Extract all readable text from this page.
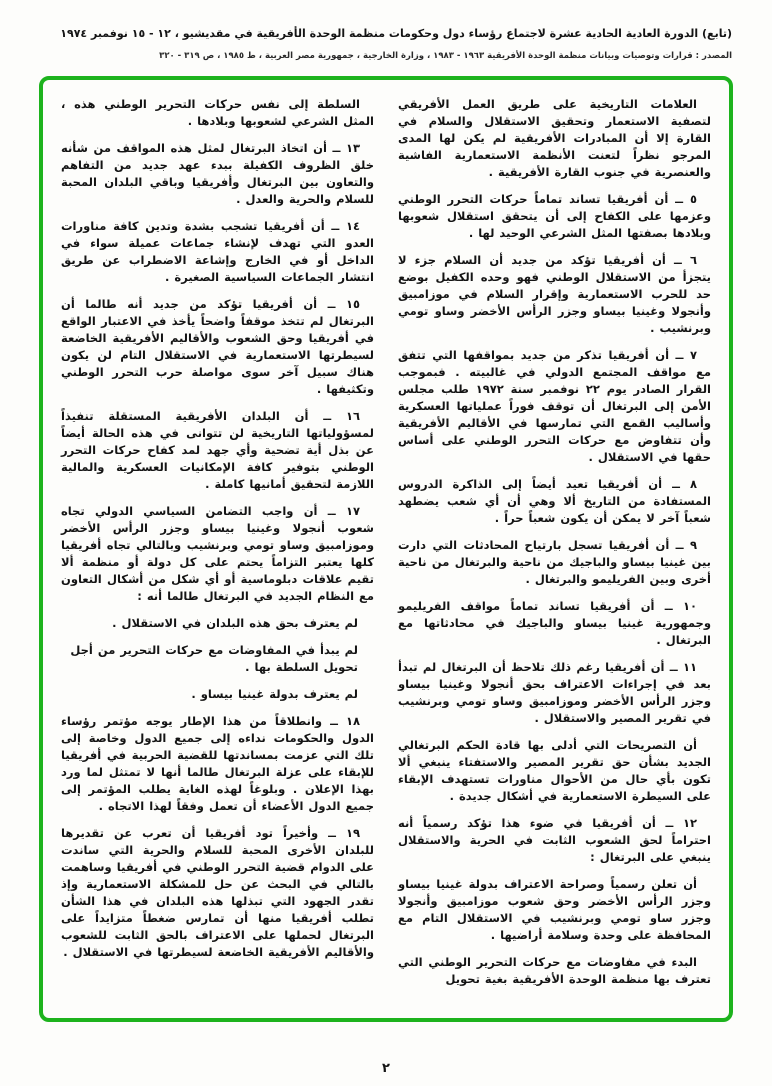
(تابع) الدورة العادية الحادية عشرة لاجتماع رؤساء دول وحكومات منظمة الوحدة الأفريقية في مقديشيو ، ١٢ - ١٥ نوفمبر ١٩٧٤
المصدر : قرارات وتوصيات وبيانات منظمة الوحدة الأفريقية ١٩٦٣ - ١٩٨٣ ، وزارة الخارجية ، جمهورية مصر العربية ، ط ١٩٨٥ ، ص ٣١٩ - ٣٢٠

العلامات التاريخية على طريق العمل الأفريقي لتصفية الاستعمار وتحقيق الاستقلال والسلام في القارة إلا أن المبادرات الأفريقية لم يكن لها المدى المرجو نظراً لتعنت الأنظمة الاستعمارية الفاشية والعنصرية في جنوب القارة الأفريقية .

٥ ــ أن أفريقيا تساند تماماً حركات التحرر الوطني وعزمها على الكفاح إلى أن يتحقق استقلال شعوبها وبلادها بصفتها المثل الشرعي الوحيد لها .

٦ ــ أن أفريقيا تؤكد من جديد أن السلام جزء لا يتجزأ من الاستقلال الوطني فهو وحده الكفيل بوضع حد للحرب الاستعمارية وإقرار السلام في موزامبيق وأنجولا وغينيا بيساو وجزر الرأس الأخضر وساو تومي وبرنشيب .

٧ ــ أن أفريقيا تذكر من جديد بمواقفها التي تتفق مع مواقف المجتمع الدولي في غالبيته . فبموجب القرار الصادر يوم ٢٢ نوفمبر سنة ١٩٧٢ طلب مجلس الأمن إلى البرتغال أن توقف فوراً عملياتها العسكرية وأساليب القمع التي تمارسها في الأقاليم الأفريقية وأن تتفاوض مع حركات التحرر الوطني على أساس حقها في الاستقلال .

٨ ــ أن أفريقيا تعيد أيضاً إلى الذاكرة الدروس المستفادة من التاريخ ألا وهي أن أي شعب يضطهد شعباً آخر لا يمكن أن يكون شعباً حراً .

٩ ــ أن أفريقيا تسجل بارتياح المحادثات التي دارت بين غينيا بيساو والباجيك من ناحية والبرتغال من ناحية أخرى وبين الفريليمو والبرتغال .

١٠ ــ أن أفريقيا تساند تماماً مواقف الفريليمو وجمهورية غينيا بيساو والباجيك في محادثاتها مع البرتغال .

١١ ــ أن أفريقيا رغم ذلك تلاحظ أن البرتغال لم تبدأ بعد في إجراءات الاعتراف بحق أنجولا وغينيا بيساو وجزر الرأس الأخضر وموزامبيق وساو تومي وبرنشيب في تقرير المصير والاستقلال .

أن التصريحات التي أدلى بها قادة الحكم البرتغالي الجديد بشأن حق تقرير المصير والاستفتاء ينبغي ألا تكون بأي حال من الأحوال مناورات تستهدف الإبقاء على السيطرة الاستعمارية في أشكال جديدة .

١٢ ــ أن أفريقيا في ضوء هذا تؤكد رسمياً أنه احتراماً لحق الشعوب الثابت في الحرية والاستقلال ينبغي على البرتغال :

أن تعلن رسمياً وصراحة الاعتراف بدولة غينيا بيساو وجزر الرأس الأخضر وحق شعوب موزامبيق وأنجولا وجزر ساو تومي وبرنشيب في الاستقلال التام مع المحافظة على وحدة وسلامة أراضيها .

البدء في مفاوضات مع حركات التحرير الوطني التي تعترف بها منظمة الوحدة الأفريقية بغية تحويل

السلطة إلى نفس حركات التحرير الوطني هذه ، المثل الشرعي لشعوبها وبلادها .

١٣ ــ أن اتخاذ البرتغال لمثل هذه المواقف من شأنه خلق الظروف الكفيلة ببدء عهد جديد من التفاهم والتعاون بين البرتغال وأفريقيا وباقي البلدان المحبة للسلام والحرية والعدل .

١٤ ــ أن أفريقيا تشجب بشدة وتدين كافة مناورات العدو التي تهدف لإنشاء جماعات عميلة سواء في الداخل أو في الخارج وإشاعة الاضطراب عن طريق انتشار الجماعات السياسية الصغيرة .

١٥ ــ أن أفريقيا تؤكد من جديد أنه طالما أن البرتغال لم تتخذ موقفاً واضحاً يأخذ في الاعتبار الواقع في أفريقيا وحق الشعوب والأقاليم الأفريقية الخاضعة لسيطرتها الاستعمارية في الاستقلال التام لن يكون هناك سبيل آخر سوى مواصلة حرب التحرر الوطني وتكثيفها .

١٦ ــ أن البلدان الأفريقية المستقلة تنفيذاً لمسؤولياتها التاريخية لن تتوانى في هذه الحالة أيضاً عن بذل أية تضحية وأي جهد لمد كفاح حركات التحرر الوطني بتوفير كافة الإمكانيات العسكرية والمالية اللازمة لتحقيق أمانيها كاملة .

١٧ ــ أن واجب التضامن السياسي الدولي تجاه شعوب أنجولا وغينيا بيساو وجزر الرأس الأخضر وموزامبيق وساو تومي وبرنشيب وبالتالي تجاه أفريقيا كلها يعتبر التزاماً يحتم على كل دولة أو منظمة ألا تقيم علاقات دبلوماسية أو أي شكل من أشكال التعاون مع النظام الجديد في البرتغال طالما أنه :

لم يعترف بحق هذه البلدان في الاستقلال .

لم يبدأ في المفاوضات مع حركات التحرير من أجل تحويل السلطة بها .

لم يعترف بدولة غينيا بيساو .

١٨ ــ وانطلاقاً من هذا الإطار يوجه مؤتمر رؤساء الدول والحكومات نداءه إلى جميع الدول وخاصة إلى تلك التي عزمت بمساندتها للقضية الحربية في أفريقيا للإبقاء على عزلة البرتغال طالما أنها لا تمتثل لما ورد بهذا الإعلان . وبلوغاً لهذه الغاية يطلب المؤتمر إلى جميع الدول الأعضاء أن تعمل وفقاً لهذا الاتجاه .

١٩ ــ وأخيراً تود أفريقيا أن تعرب عن تقديرها للبلدان الأخرى المحبة للسلام والحرية التي ساندت على الدوام قضية التحرر الوطني في أفريقيا وساهمت بالتالي في البحث عن حل للمشكلة الاستعمارية وإذ تقدر الجهود التي تبذلها هذه البلدان في هذا الشأن تطلب أفريقيا منها أن تمارس ضغطاً متزايداً على البرتغال لحملها على الاعتراف بالحق الثابت للشعوب والأقاليم الأفريقية الخاضعة لسيطرتها في الاستقلال .

٢
